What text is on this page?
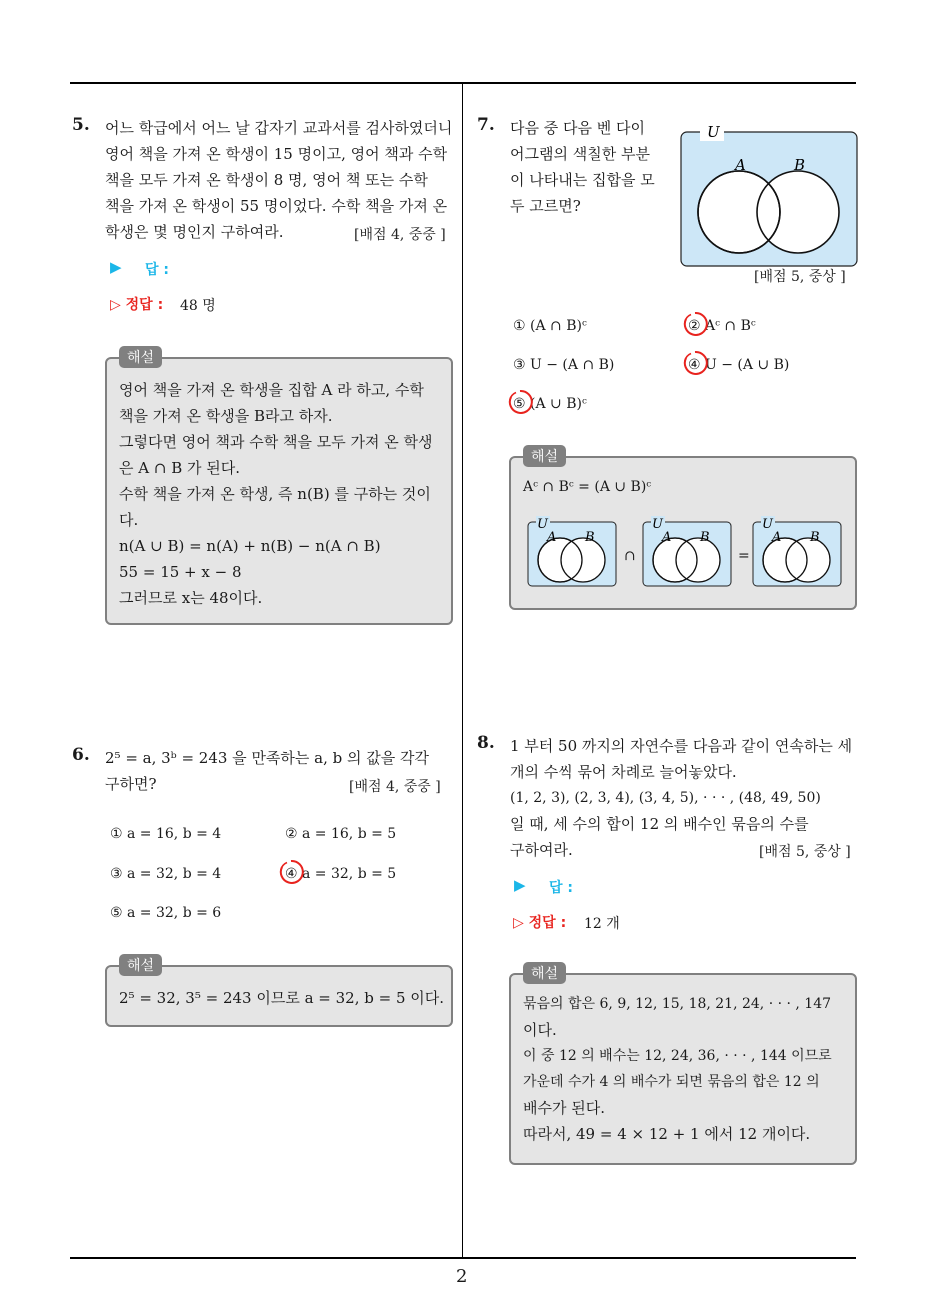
2
5. 어느 학급에서 어느 날 갑자기 교과서를 검사하였더니
영어 책을 가져 온 학생이 15 명이고, 영어 책과 수학
책을 모두 가져 온 학생이 8 명, 영어 책 또는 수학
책을 가져 온 학생이 55 명이었다. 수학 책을 가져 온
학생은 몇 명인지 구하여라.	[배점 4, 중중 ]
▶ 답 :
▷ 정답 : 48 명
해설
영어 책을 가져 온 학생을 집합 A 라 하고, 수학
책을 가져 온 학생을 B라고 하자.
그렇다면 영어 책과 수학 책을 모두 가져 온 학생
은 A ∩ B 가 된다.
수학 책을 가져 온 학생, 즉 n(B) 를 구하는 것이
다.
n(A ∪ B) = n(A) + n(B) − n(A ∩ B)
55 = 15 + x − 8
그러므로 x는 48이다.
6. 2⁵ = a, 3ᵇ = 243 을 만족하는 a, b 의 값을 각각
구하면?	[배점 4, 중중 ]
① a = 16, b = 4	② a = 16, b = 5
③ a = 32, b = 4	④ a = 32, b = 5
⑤ a = 32, b = 6
해설
2⁵ = 32, 3⁵ = 243 이므로 a = 32, b = 5 이다.
7. 다음 중 다음 벤 다이
어그램의 색칠한 부분
이 나타내는 집합을 모
두 고르면?
U
A	B
[배점 5, 중상 ]
① (A ∩ B)ᶜ	② Aᶜ ∩ Bᶜ
③ U − (A ∩ B)	④ U − (A ∪ B)
⑤ (A ∪ B)ᶜ
해설
Aᶜ ∩ Bᶜ = (A ∪ B)ᶜ
U
A B
∩
U
A B
=
U
A B
8. 1 부터 50 까지의 자연수를 다음과 같이 연속하는 세
개의 수씩 묶어 차례로 늘어놓았다.
(1, 2, 3), (2, 3, 4), (3, 4, 5), · · · , (48, 49, 50)
일 때, 세 수의 합이 12 의 배수인 묶음의 수를
구하여라.	[배점 5, 중상 ]
▶ 답 :
▷ 정답 : 12 개
해설
묶음의 합은 6, 9, 12, 15, 18, 21, 24, · · · , 147
이다.
이 중 12 의 배수는 12, 24, 36, · · · , 144 이므로
가운데 수가 4 의 배수가 되면 묶음의 합은 12 의
배수가 된다.
따라서, 49 = 4 × 12 + 1 에서 12 개이다.
